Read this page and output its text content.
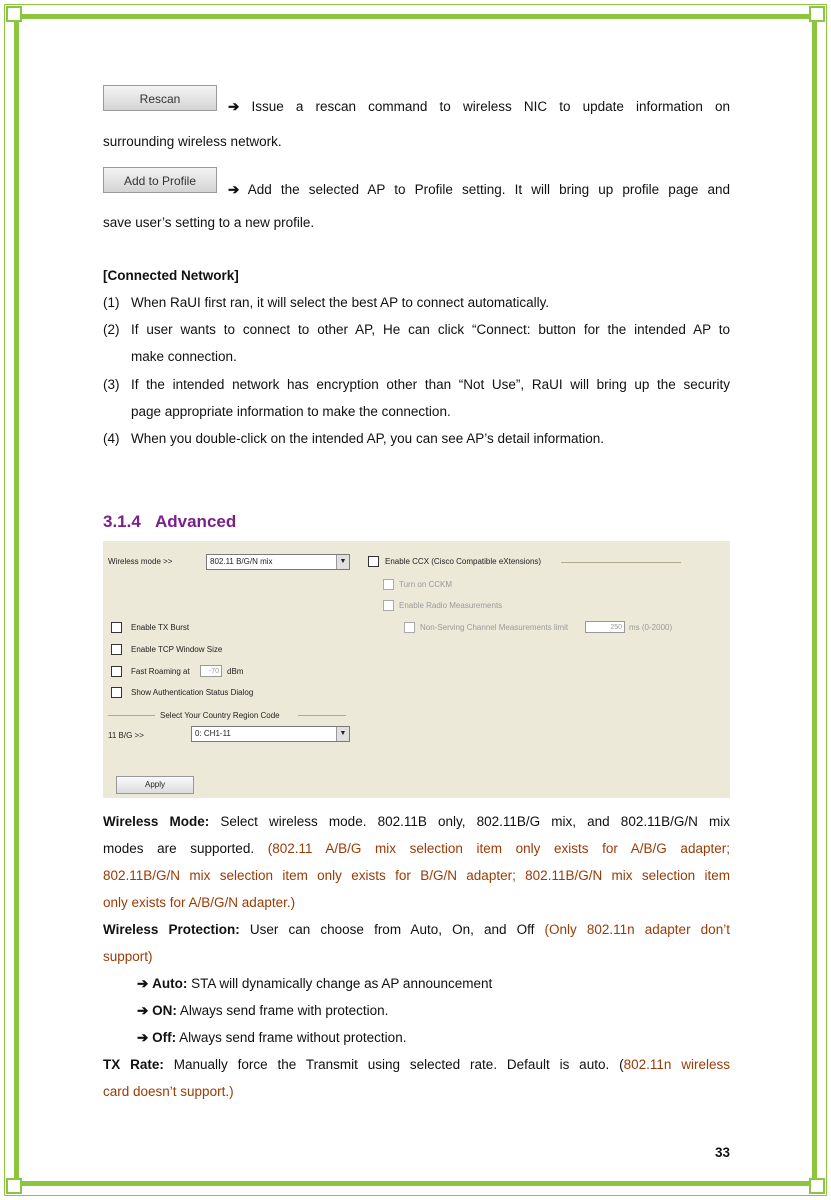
Rescan	➔ Issue a rescan command to wireless NIC to update information on
surrounding wireless network.
Add to Profile
➔ Add the selected AP to Profile setting. It will bring up profile page and
save user’s setting to a new profile.
[Connected Network]
(1) When RaUI first ran, it will select the best AP to connect automatically.
(2) If user wants to connect to other AP, He can click “Connect: button for the intended AP to
make connection.
(3) If the intended network has encryption other than “Not Use”, RaUI will bring up the security
page appropriate information to make the connection.
(4) When you double-click on the intended AP, you can see AP’s detail information.
3.1.4 Advanced
Wireless mode >>	802.11 B/G/N mix	▼	Enable CCX (Cisco Compatible eXtensions)
Turn on CCKM
Enable Radio Measurements
Non-Serving Channel Measurements limit	250 ms (0-2000)
Enable TX Burst
Enable TCP Window Size
Fast Roaming at	-70	dBm
Show Authentication Status Dialog
Select Your Country Region Code
11 B/G >>	0: CH1-11	▼
Apply
Wireless Mode: Select wireless mode. 802.11B only, 802.11B/G mix, and 802.11B/G/N mix
modes are supported. (802.11 A/B/G mix selection item only exists for A/B/G adapter;
802.11B/G/N mix selection item only exists for B/G/N adapter; 802.11B/G/N mix selection item
only exists for A/B/G/N adapter.)
Wireless Protection: User can choose from Auto, On, and Off (Only 802.11n adapter don’t
support)
➔ Auto: STA will dynamically change as AP announcement
➔ ON: Always send frame with protection.
➔ Off: Always send frame without protection.
TX Rate: Manually force the Transmit using selected rate. Default is auto. (802.11n wireless
card doesn’t support.)
33
